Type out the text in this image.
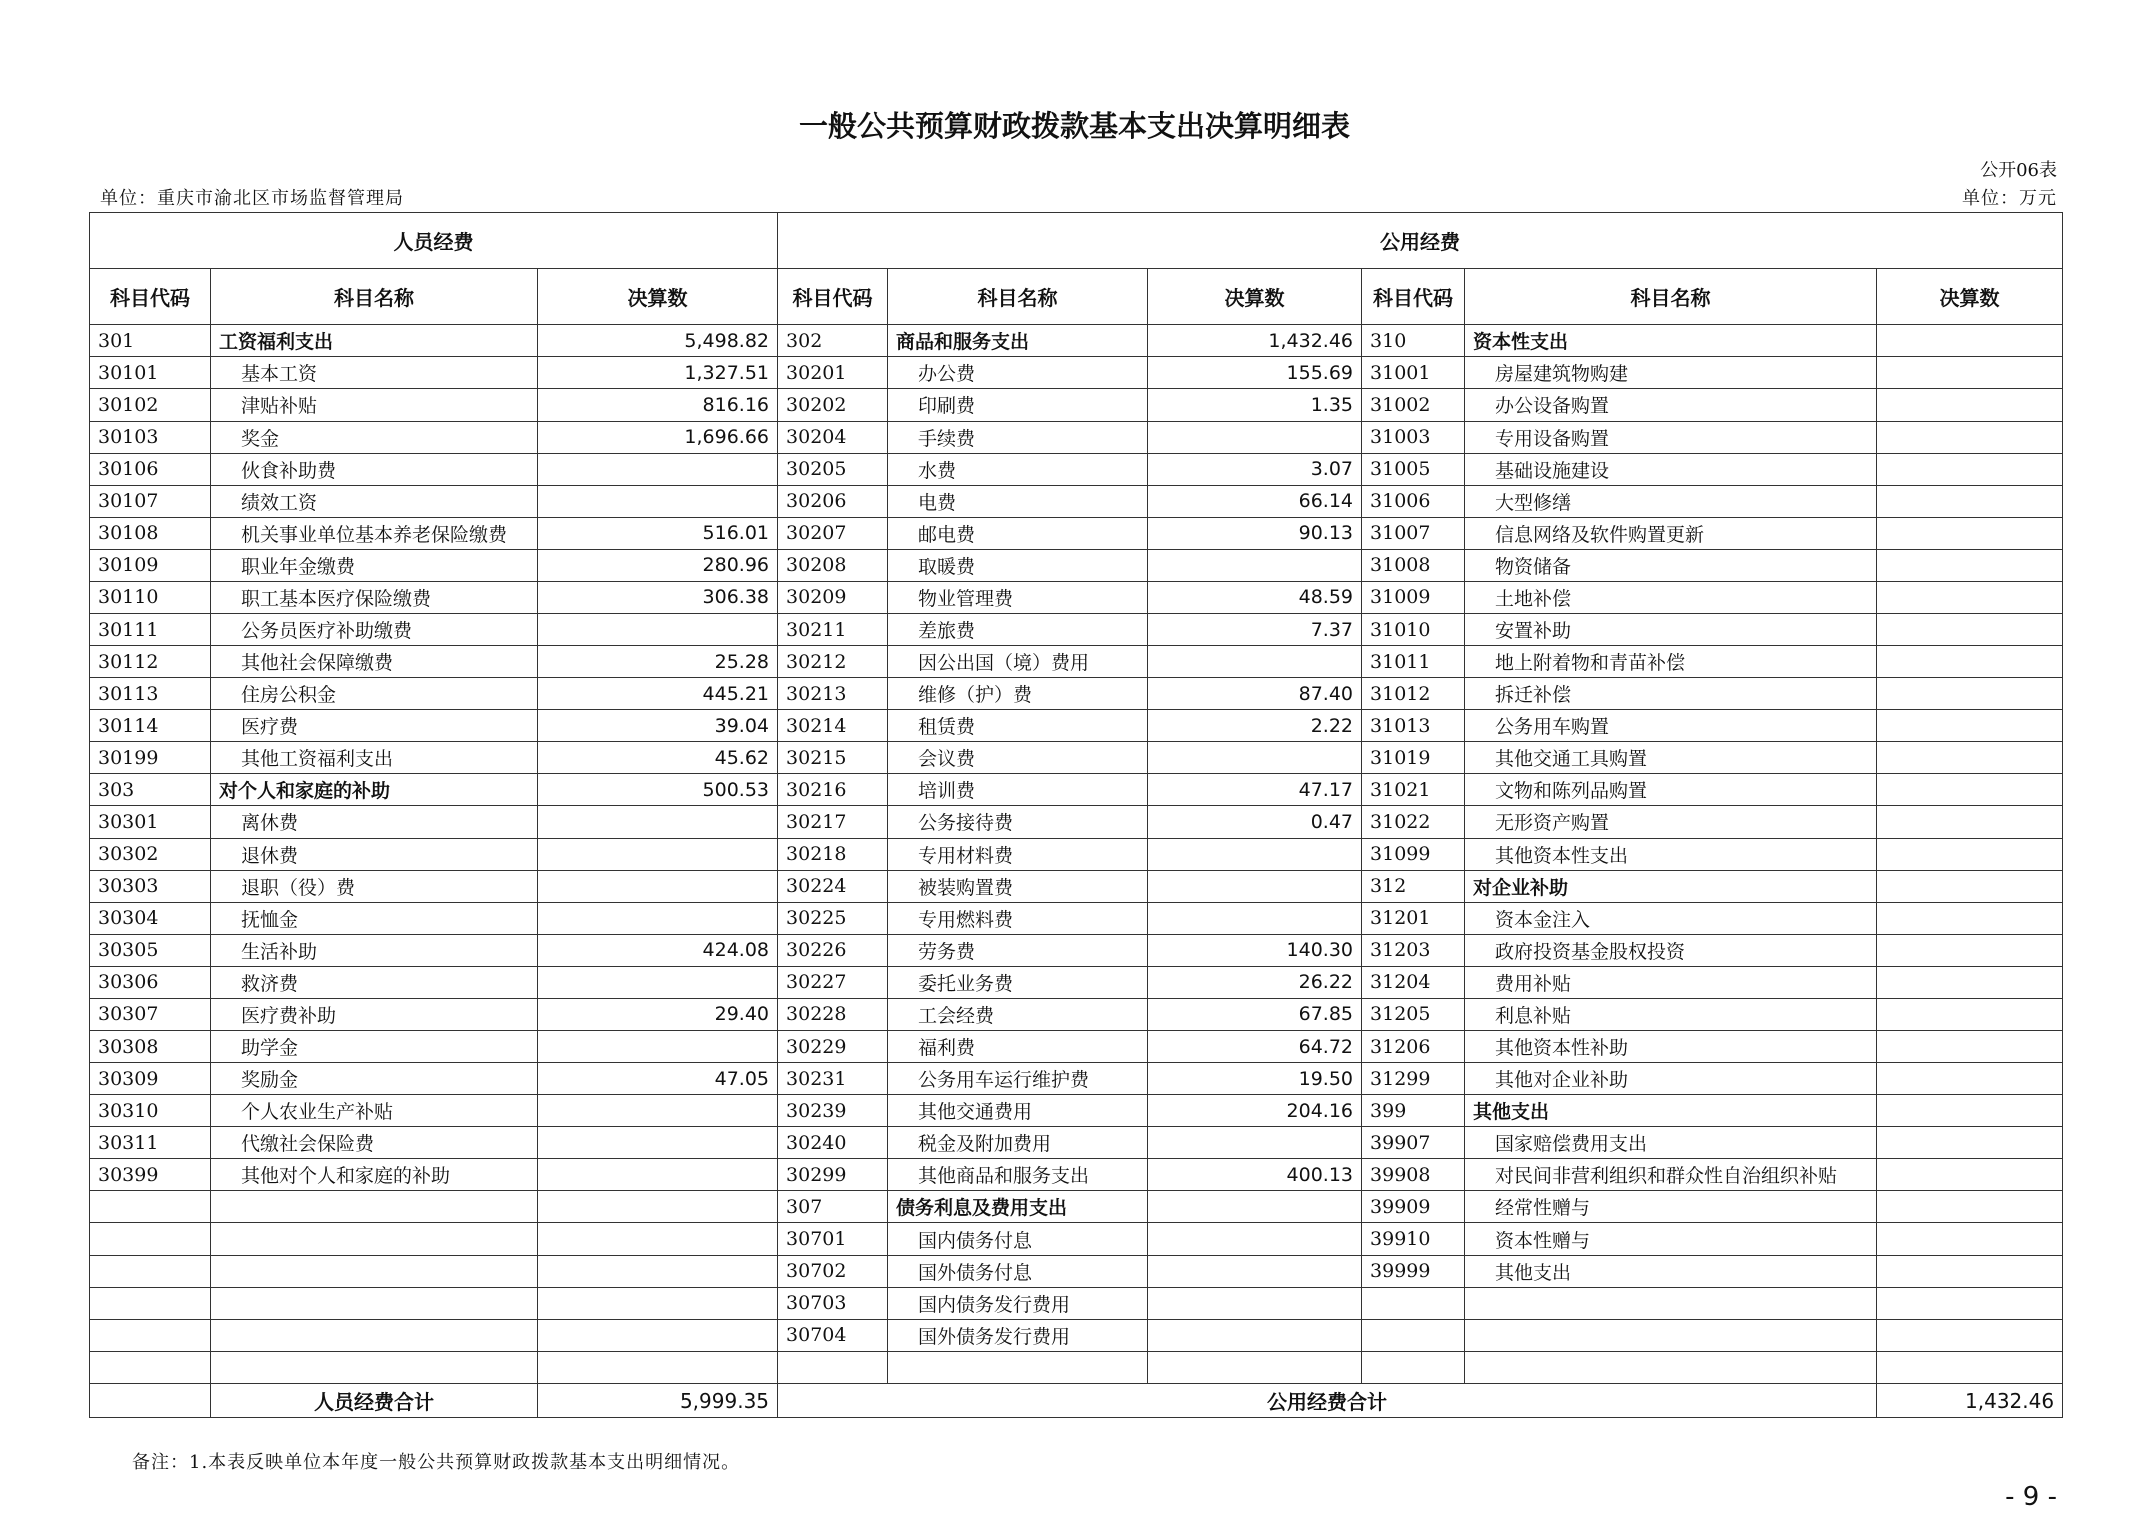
一般公共预算财政拨款基本支出决算明细表
公开06表
单位：重庆市渝北区市场监督管理局	单位：万元
人员经费			公用经费					
科目代码	科目名称	决算数	科目代码	科目名称	决算数	科目代码	科目名称	决算数
301	工资福利支出	5,498.82	302	商品和服务支出	1,432.46	310	资本性支出	
30101	基本工资	1,327.51	30201	办公费	155.69	31001	房屋建筑物购建	
30102	津贴补贴	816.16	30202	印刷费	1.35	31002	办公设备购置	
30103	奖金	1,696.66	30204	手续费		31003	专用设备购置	
30106	伙食补助费		30205	水费	3.07	31005	基础设施建设	
30107	绩效工资		30206	电费	66.14	31006	大型修缮	
30108	机关事业单位基本养老保险缴费	516.01	30207	邮电费	90.13	31007	信息网络及软件购置更新	
30109	职业年金缴费	280.96	30208	取暖费		31008	物资储备	
30110	职工基本医疗保险缴费	306.38	30209	物业管理费	48.59	31009	土地补偿	
30111	公务员医疗补助缴费		30211	差旅费	7.37	31010	安置补助	
30112	其他社会保障缴费	25.28	30212	因公出国（境）费用		31011	地上附着物和青苗补偿	
30113	住房公积金	445.21	30213	维修（护）费	87.40	31012	拆迁补偿	
30114	医疗费	39.04	30214	租赁费	2.22	31013	公务用车购置	
30199	其他工资福利支出	45.62	30215	会议费		31019	其他交通工具购置	
303	对个人和家庭的补助	500.53	30216	培训费	47.17	31021	文物和陈列品购置	
30301	离休费		30217	公务接待费	0.47	31022	无形资产购置	
30302	退休费		30218	专用材料费		31099	其他资本性支出	
30303	退职（役）费		30224	被装购置费		312	对企业补助	
30304	抚恤金		30225	专用燃料费		31201	资本金注入	
30305	生活补助	424.08	30226	劳务费	140.30	31203	政府投资基金股权投资	
30306	救济费		30227	委托业务费	26.22	31204	费用补贴	
30307	医疗费补助	29.40	30228	工会经费	67.85	31205	利息补贴	
30308	助学金		30229	福利费	64.72	31206	其他资本性补助	
30309	奖励金	47.05	30231	公务用车运行维护费	19.50	31299	其他对企业补助	
30310	个人农业生产补贴		30239	其他交通费用	204.16	399	其他支出	
30311	代缴社会保险费		30240	税金及附加费用		39907	国家赔偿费用支出	
30399	其他对个人和家庭的补助		30299	其他商品和服务支出	400.13	39908	对民间非营利组织和群众性自治组织补贴	
			307	债务利息及费用支出		39909	经常性赠与	
			30701	国内债务付息		39910	资本性赠与	
			30702	国外债务付息		39999	其他支出	
			30703	国内债务发行费用				
			30704	国外债务发行费用				

	人员经费合计	5,999.35	公用经费合计					1,432.46
备注：1.本表反映单位本年度一般公共预算财政拨款基本支出明细情况。
- 9 -
